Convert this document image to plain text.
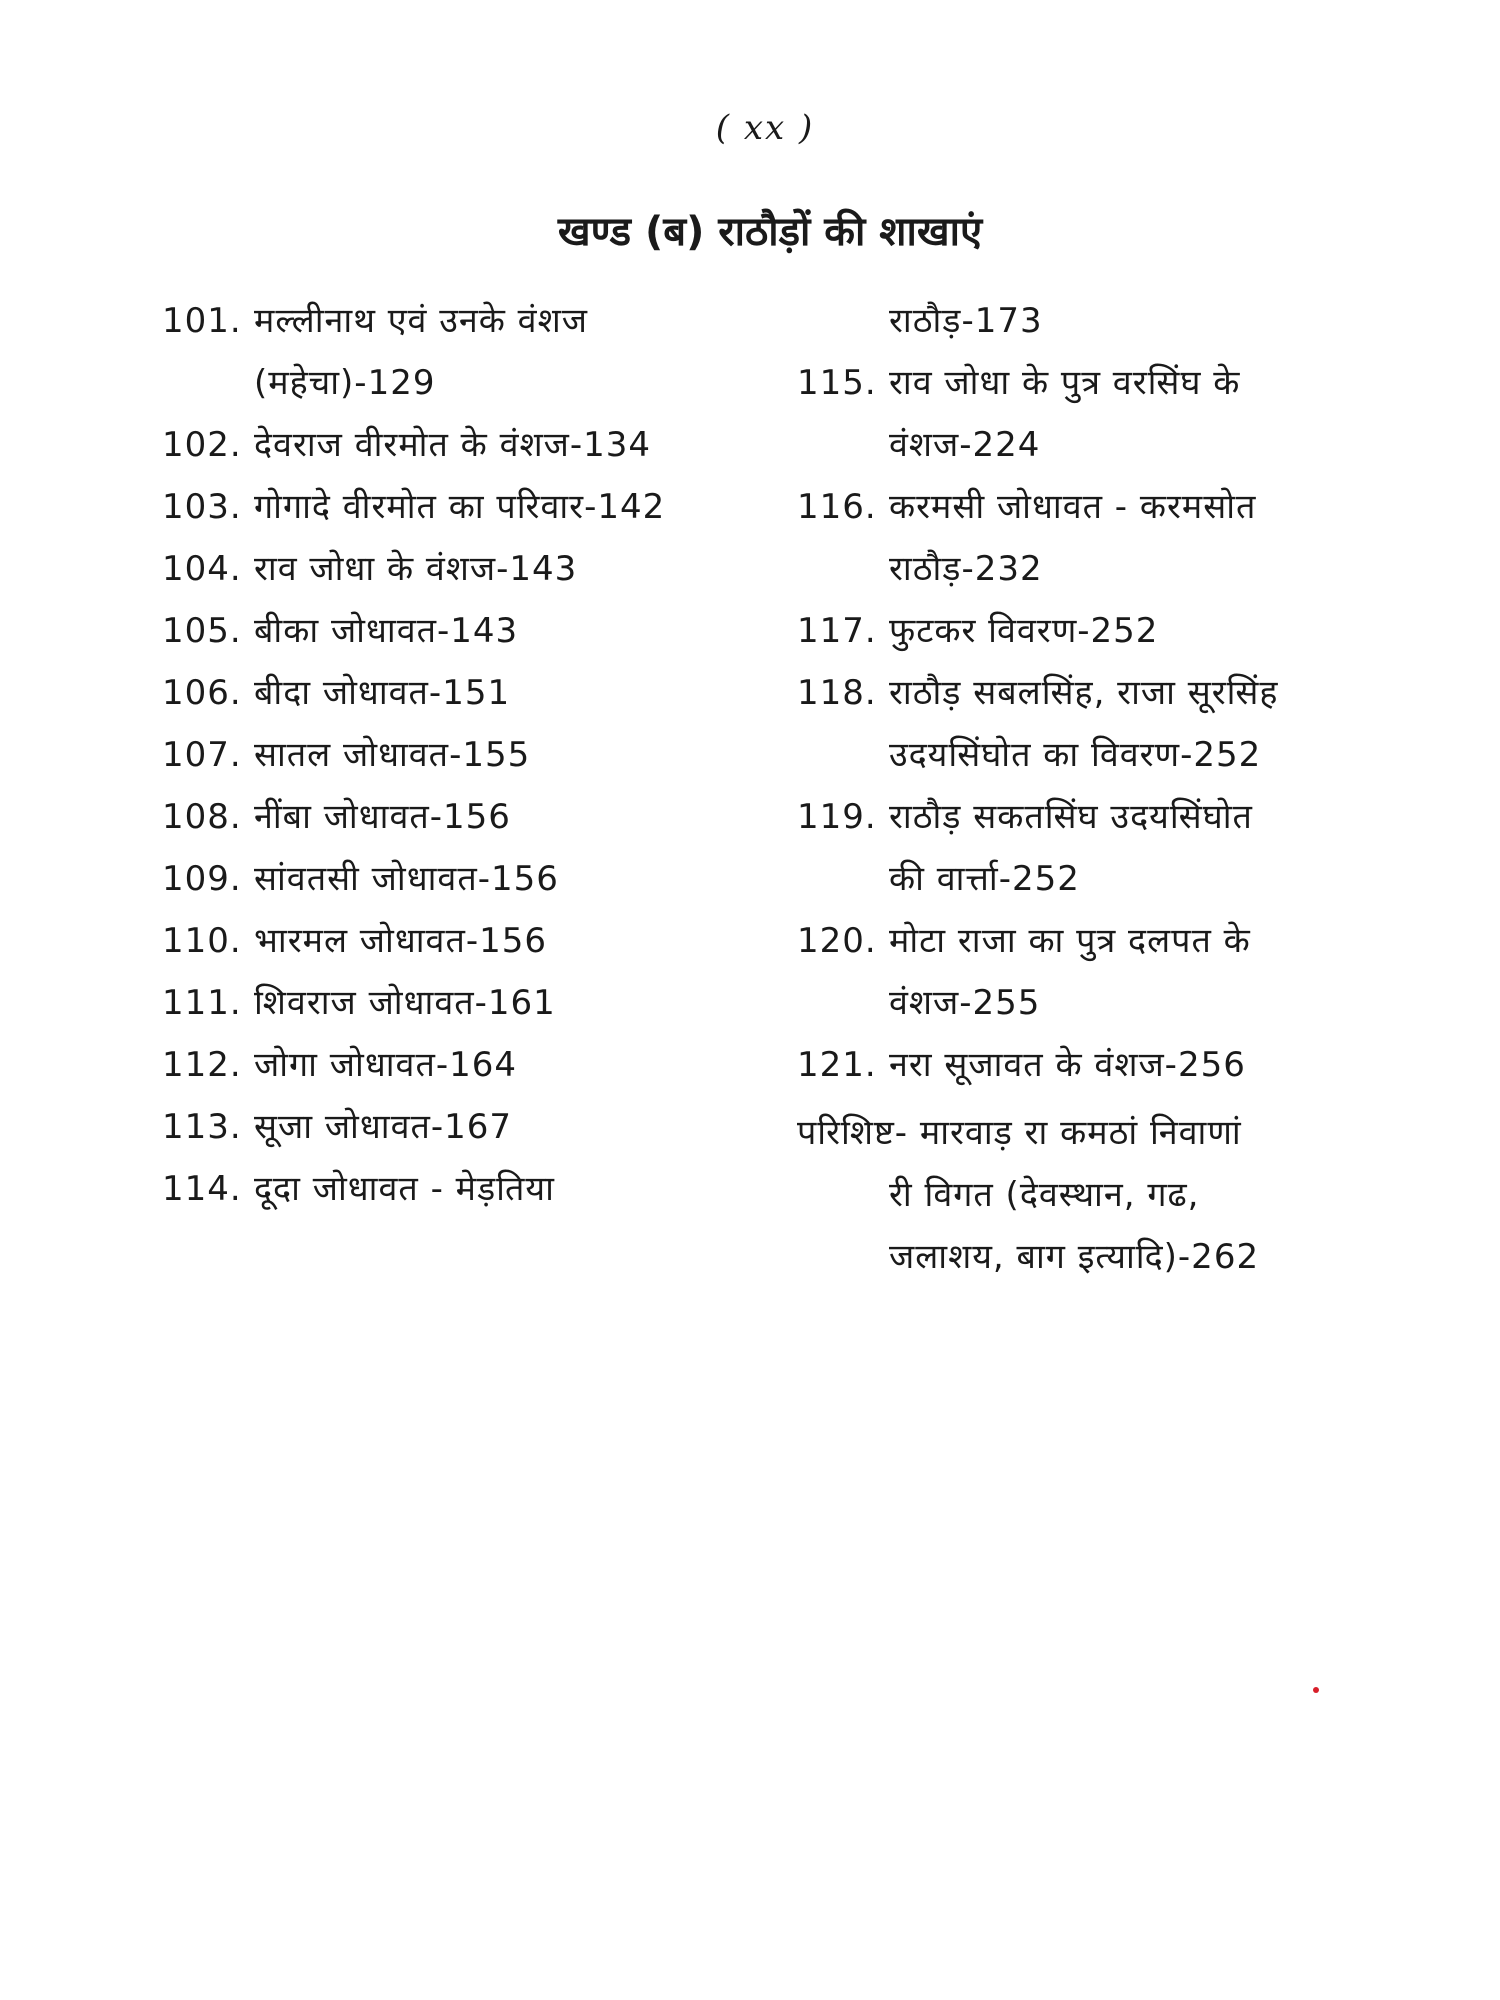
( xx )
खण्ड (ब) राठौड़ों की शाखाएं
101. मल्लीनाथ एवं उनके वंशज
(महेचा)-129
102. देवराज वीरमोत के वंशज-134
103. गोगादे वीरमोत का परिवार-142
104. राव जोधा के वंशज-143
105. बीका जोधावत-143
106. बीदा जोधावत-151
107. सातल जोधावत-155
108. नींबा जोधावत-156
109. सांवतसी जोधावत-156
110. भारमल जोधावत-156
111. शिवराज जोधावत-161
112. जोगा जोधावत-164
113. सूजा जोधावत-167
114. दूदा जोधावत - मेड़तिया
राठौड़-173
115. राव जोधा के पुत्र वरसिंघ के
वंशज-224
116. करमसी जोधावत - करमसोत
राठौड़-232
117. फुटकर विवरण-252
118. राठौड़ सबलसिंह, राजा सूरसिंह
उदयसिंघोत का विवरण-252
119. राठौड़ सकतसिंघ उदयसिंघोत
की वार्त्ता-252
120. मोटा राजा का पुत्र दलपत के
वंशज-255
121. नरा सूजावत के वंशज-256
परिशिष्ट- मारवाड़ रा कमठां निवाणां
री विगत (देवस्थान, गढ,
जलाशय, बाग इत्यादि)-262
